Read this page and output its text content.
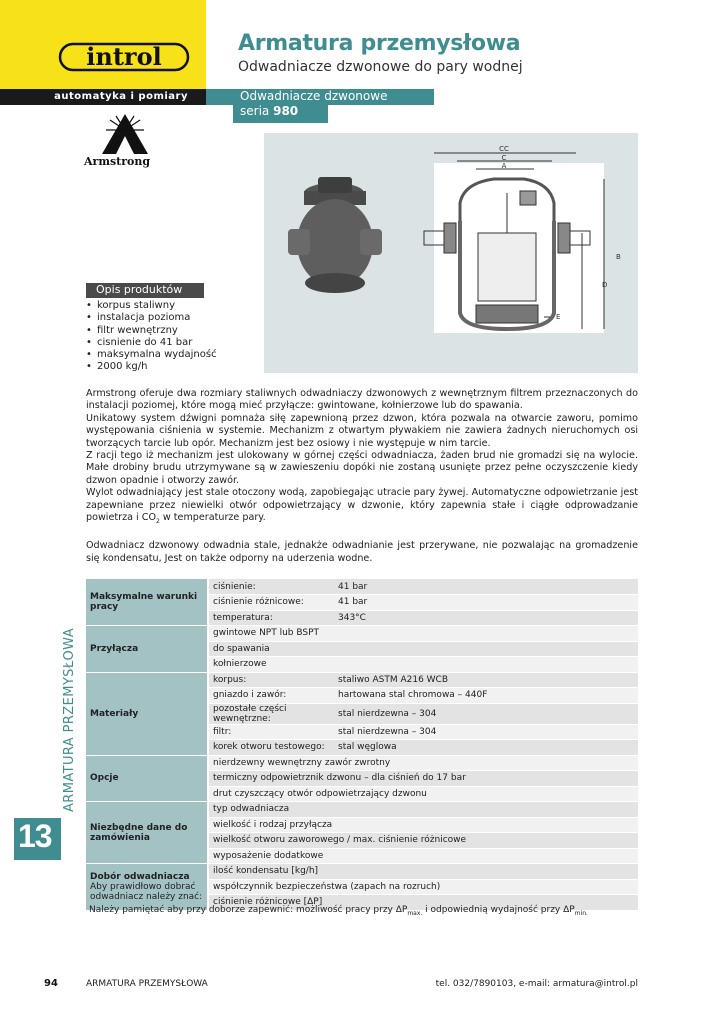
introl
automatyka i pomiary
Armatura przemysłowa
Odwadniacze dzwonowe do pary wodnej
Odwadniacze dzwonowe
seria 980
Armstrong
CC
C
A
B
D
E
Opis produktów
• korpus staliwny
• instalacja pozioma
• filtr wewnętrzny
• cisnienie do 41 bar
• maksymalna wydajność
• 2000 kg/h

Armstrong oferuje dwa rozmiary staliwnych odwadniaczy dzwonowych z wewnętrznym filtrem przeznaczonych do instalacji poziomej, które mogą mieć przyłącze: gwintowane, kołnierzowe lub do spawania.

Unikatowy system dźwigni pomnaża siłę zapewnioną przez dzwon, która pozwala na otwarcie zaworu, pomimo występowania ciśnienia w systemie. Mechanizm z otwartym pływakiem nie zawiera żadnych nieruchomych osi tworzących tarcie lub opór. Mechanizm jest bez osiowy i nie występuje w nim tarcie.

Z racji tego iż mechanizm jest ulokowany w górnej części odwadniacza, żaden brud nie gromadzi się na wylocie. Małe drobiny brudu utrzymywane są w zawieszeniu dopóki nie zostaną usunięte przez pełne oczyszczenie kiedy dzwon opadnie i otworzy zawór.

Wylot odwadniający jest stale otoczony wodą, zapobiegając utracie pary żywej. Automatyczne odpowietrzanie jest zapewniane przez niewielki otwór odpowietrzający w dzwonie, który zapewnia stałe i ciągłe odprowadzanie powietrza i $CO_2$ w temperaturze pary.

Odwadniacz dzwonowy odwadnia stale, jednakże odwadnianie jest przerywane, nie pozwalając na gromadzenie się kondensatu, Jest on także odporny na uderzenia wodne.

Maksymalne warunki pracy	ciśnienie:	41 bar
	ciśnienie różnicowe:	41 bar
	temperatura:	343°C
Przyłącza	gwintowe NPT lub BSPT	
	do spawania	
	kołnierzowe	
Materiały	korpus:	staliwo ASTM A216 WCB
	gniazdo i zawór:	hartowana stal chromowa – 440F
	pozostałe części wewnętrzne:	stal nierdzewna – 304
	filtr:	stal nierdzewna – 304
	korek otworu testowego:	stal węglowa
Opcje	nierdzewny wewnętrzny zawór zwrotny	
	termiczny odpowietrznik dzwonu – dla ciśnień do 17 bar	
	drut czyszczący otwór odpowietrzający dzwonu	
Niezbędne dane do zamówienia	typ odwadniacza	
	wielkość i rodzaj przyłącza	
	wielkość otworu zaworowego / max. ciśnienie różnicowe	
	wyposażenie dodatkowe	
Dobór odwadniacza
Aby prawidłowo dobrać odwadniacz należy znać:	ilość kondensatu [kg/h]	
	współczynnik bezpieczeństwa (zapach na rozruch)	
	ciśnienie różnicowe [ΔP]	
Należy pamiętać aby przy doborze zapewnić: możliwość pracy przy $\Delta P_{max.}$ i odpowiednią wydajność przy $\Delta P_{min.}$
13
ARMATURA PRZEMYSŁOWA
94	ARMATURA PRZEMYSŁOWA	tel. 032/7890103, e-mail: armatura@introl.pl
